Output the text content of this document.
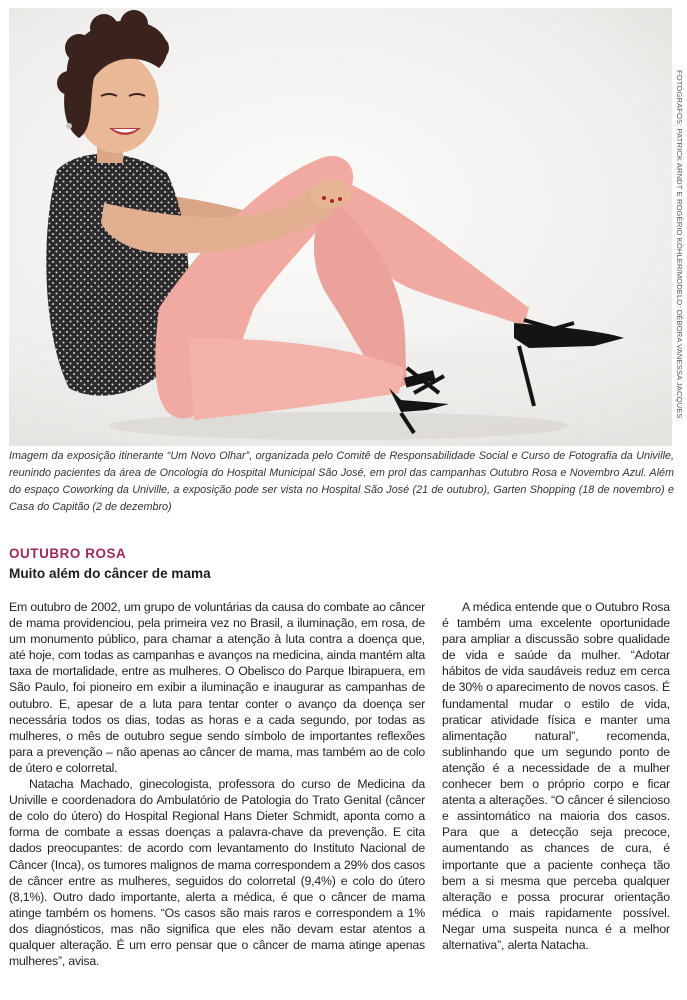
FOTÓGRAFOS: PATRICK ARNDT E ROGÉRIO KÖHLER/MODELO: DÉBORA VANESSA JACQUES

Imagem da exposição itinerante “Um Novo Olhar”, organizada pelo Comitê de Responsabilidade Social e Curso de Fotografia da Univille, reunindo pacientes da área de Oncologia do Hospital Municipal São José, em prol das campanhas Outubro Rosa e Novembro Azul. Além do espaço Coworking da Univille, a exposição pode ser vista no Hospital São José (21 de outubro), Garten Shopping (18 de novembro) e Casa do Capitão (2 de dezembro)

OUTUBRO ROSA
Muito além do câncer de mama

Em outubro de 2002, um grupo de voluntárias da causa do combate ao câncer de mama providenciou, pela primeira vez no Brasil, a iluminação, em rosa, de um monumento público, para chamar a atenção à luta contra a doença que, até hoje, com todas as campanhas e avanços na medicina, ainda mantém alta taxa de mortalidade, entre as mulheres. O Obelisco do Parque Ibirapuera, em São Paulo, foi pioneiro em exibir a iluminação e inaugurar as campanhas de outubro. E, apesar de a luta para tentar conter o avanço da doença ser necessária todos os dias, todas as horas e a cada segundo, por todas as mulheres, o mês de outubro segue sendo símbolo de importantes reflexões para a prevenção – não apenas ao câncer de mama, mas também ao de colo de útero e colorretal.

Natacha Machado, ginecologista, professora do curso de Medicina da Univille e coordenadora do Ambulatório de Patologia do Trato Genital (câncer de colo do útero) do Hospital Regional Hans Dieter Schmidt, aponta como a forma de combate a essas doenças a palavra-chave da prevenção. E cita dados preocupantes: de acordo com levantamento do Instituto Nacional de Câncer (Inca), os tumores malignos de mama correspondem a 29% dos casos de câncer entre as mulheres, seguidos do colorretal (9,4%) e colo do útero (8,1%). Outro dado importante, alerta a médica, é que o câncer de mama atinge também os homens. “Os casos são mais raros e correspondem a 1% dos diagnósticos, mas não significa que eles não devam estar atentos a qualquer alteração. É um erro pensar que o câncer de mama atinge apenas mulheres”, avisa.

A médica entende que o Outubro Rosa é também uma excelente oportunidade para ampliar a discussão sobre qualidade de vida e saúde da mulher. “Adotar hábitos de vida saudáveis reduz em cerca de 30% o aparecimento de novos casos. É fundamental mudar o estilo de vida, praticar atividade física e manter uma alimentação natural”, recomenda, sublinhando que um segundo ponto de atenção é a necessidade de a mulher conhecer bem o próprio corpo e ficar atenta a alterações. “O câncer é silencioso e assintomático na maioria dos casos. Para que a detecção seja precoce, aumentando as chances de cura, é importante que a paciente conheça tão bem a si mesma que perceba qualquer alteração e possa procurar orientação médica o mais rapidamente possível. Negar uma suspeita nunca é a melhor alternativa”, alerta Natacha.
